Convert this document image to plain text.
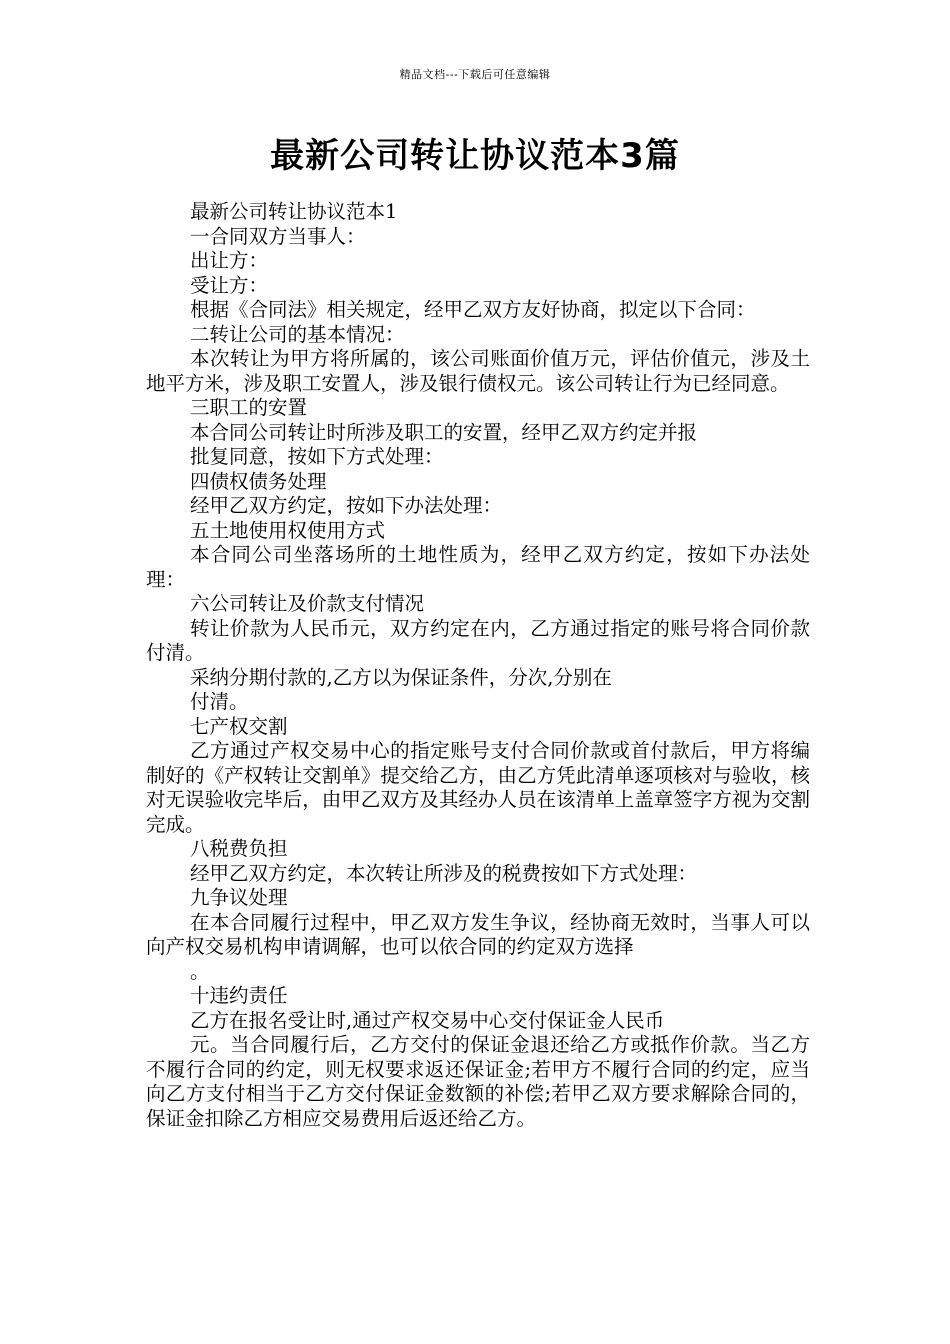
精品文档---下载后可任意编辑
最新公司转让协议范本3篇

最新公司转让协议范本1

一合同双方当事人：

出让方：

受让方：

根据《合同法》相关规定，经甲乙双方友好协商，拟定以下合同：

二转让公司的基本情况：

本次转让为甲方将所属的，该公司账面价值万元，评估价值元，涉及土地平方米，涉及职工安置人，涉及银行债权元。该公司转让行为已经同意。

三职工的安置

本合同公司转让时所涉及职工的安置，经甲乙双方约定并报

批复同意，按如下方式处理：

四债权债务处理

经甲乙双方约定，按如下办法处理：

五土地使用权使用方式

本合同公司坐落场所的土地性质为，经甲乙双方约定，按如下办法处理：

六公司转让及价款支付情况

转让价款为人民币元，双方约定在内，乙方通过指定的账号将合同价款付清。

采纳分期付款的,乙方以为保证条件，分次,分别在

付清。

七产权交割

乙方通过产权交易中心的指定账号支付合同价款或首付款后，甲方将编制好的《产权转让交割单》提交给乙方，由乙方凭此清单逐项核对与验收，核对无误验收完毕后，由甲乙双方及其经办人员在该清单上盖章签字方视为交割完成。

八税费负担

经甲乙双方约定，本次转让所涉及的税费按如下方式处理：

九争议处理

在本合同履行过程中，甲乙双方发生争议，经协商无效时，当事人可以向产权交易机构申请调解，也可以依合同的约定双方选择

。

十违约责任

乙方在报名受让时,通过产权交易中心交付保证金人民币

元。当合同履行后，乙方交付的保证金退还给乙方或抵作价款。当乙方不履行合同的约定，则无权要求返还保证金;若甲方不履行合同的约定，应当向乙方支付相当于乙方交付保证金数额的补偿;若甲乙双方要求解除合同的，保证金扣除乙方相应交易费用后返还给乙方。
